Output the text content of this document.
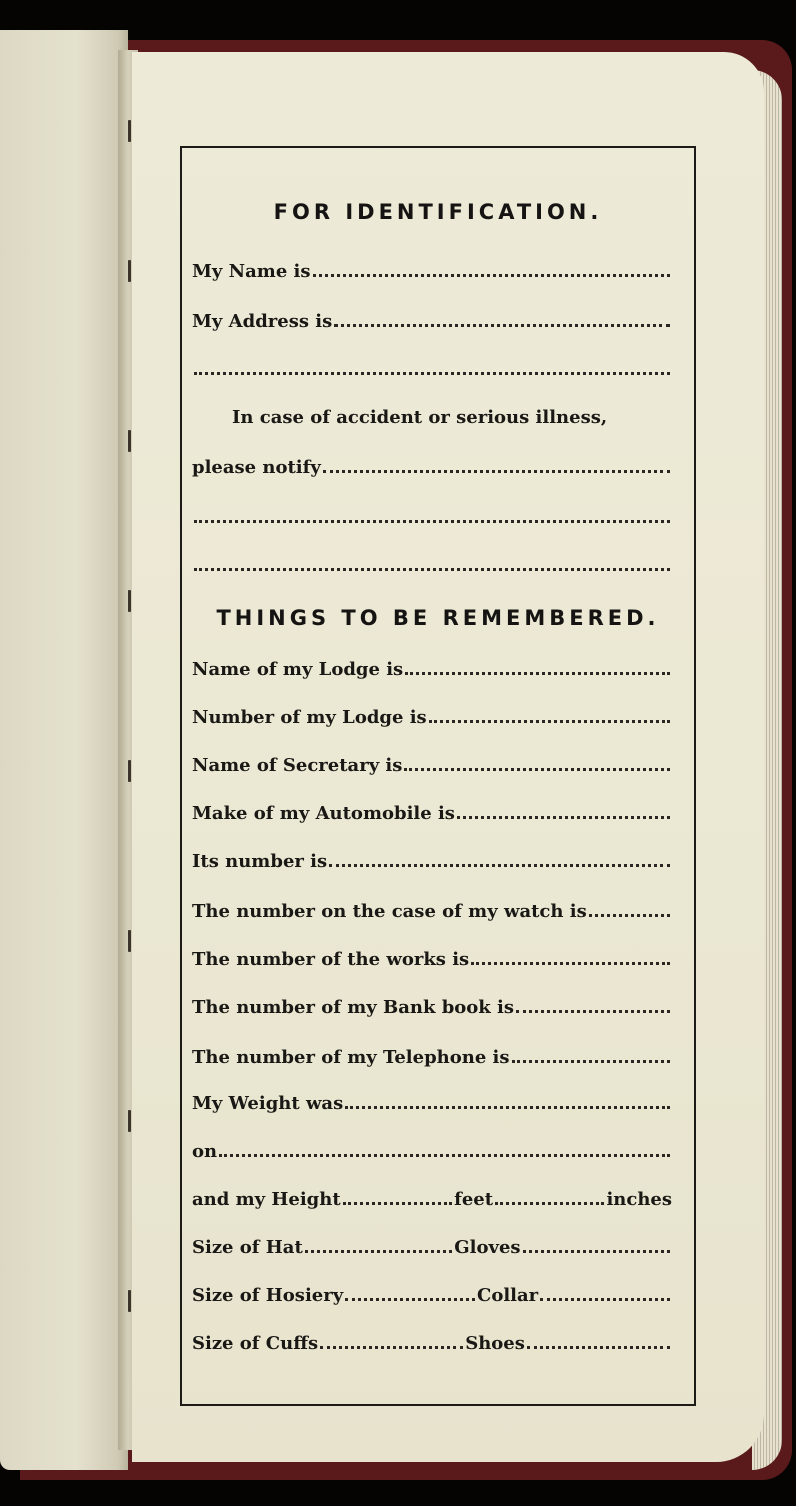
FOR IDENTIFICATION.
My Name is
My Address is
In case of accident or serious illness,
please notify
THINGS TO BE REMEMBERED.
Name of my Lodge is
Number of my Lodge is
Name of Secretary is
Make of my Automobile is
Its number is
The number on the case of my watch is
The number of the works is
The number of my Bank book is
The number of my Telephone is
My Weight was
on
and my Height	feet	inches
Size of Hat	Gloves
Size of Hosiery	Collar
Size of Cuffs	Shoes
